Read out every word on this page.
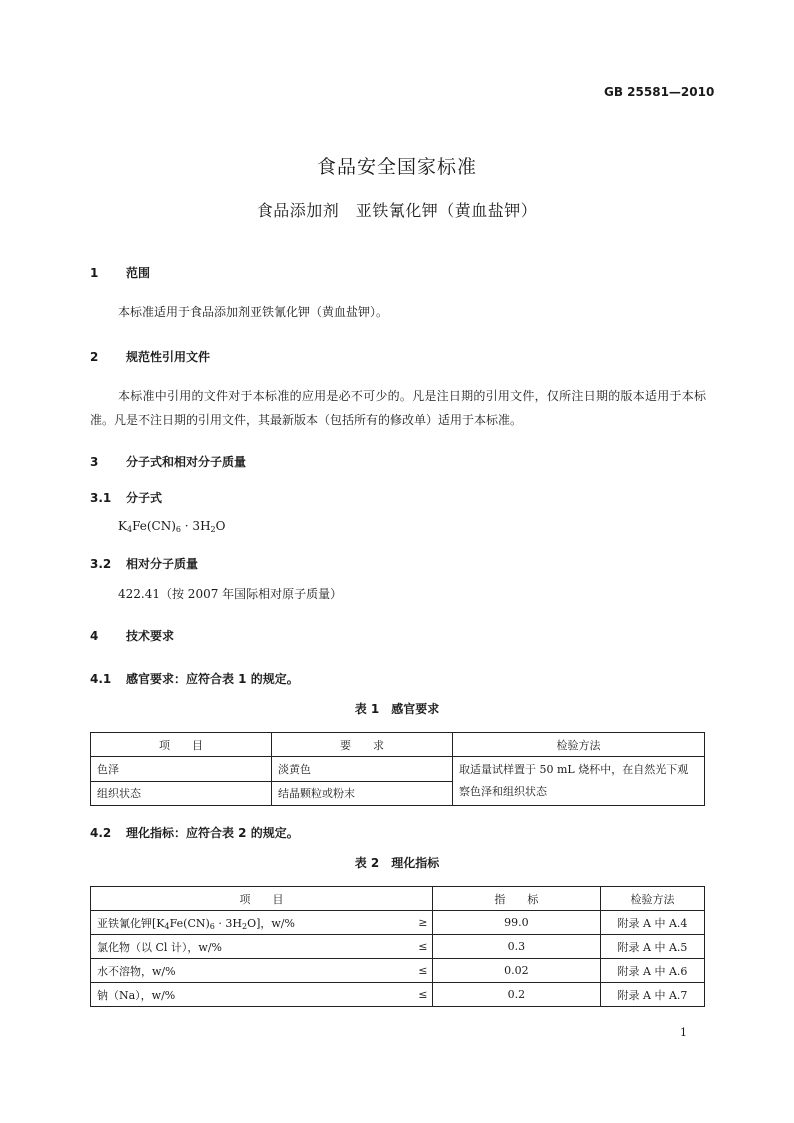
GB 25581—2010
食品安全国家标准
食品添加剂　亚铁氰化钾（黄血盐钾）
1 范围
本标准适用于食品添加剂亚铁氰化钾（黄血盐钾）。
2 规范性引用文件
本标准中引用的文件对于本标准的应用是必不可少的。凡是注日期的引用文件，仅所注日期的版本适用于本标准。凡是不注日期的引用文件，其最新版本（包括所有的修改单）适用于本标准。
3 分子式和相对分子质量
3.1 分子式
$K_4Fe(CN)_6 \cdot 3H_2O$
3.2 相对分子质量
422.41（按 2007 年国际相对原子质量）
4 技术要求
4.1 感官要求：应符合表 1 的规定。
表 1　感官要求
项　　目	要　　求	检验方法
色泽	淡黄色	取适量试样置于 50 mL 烧杯中，在自然光下观察色泽和组织状态
组织状态	结晶颗粒或粉末	
4.2 理化指标：应符合表 2 的规定。
表 2　理化指标
项　　目		指　　标	检验方法
亚铁氰化钾$[K_4Fe(CN)_6 \cdot 3H_2O]$，w/%	≥	99.0	附录 A 中 A.4
氯化物（以 Cl 计），w/%	≤	0.3	附录 A 中 A.5
水不溶物，w/%	≤	0.02	附录 A 中 A.6
钠（Na），w/%	≤	0.2	附录 A 中 A.7
1
